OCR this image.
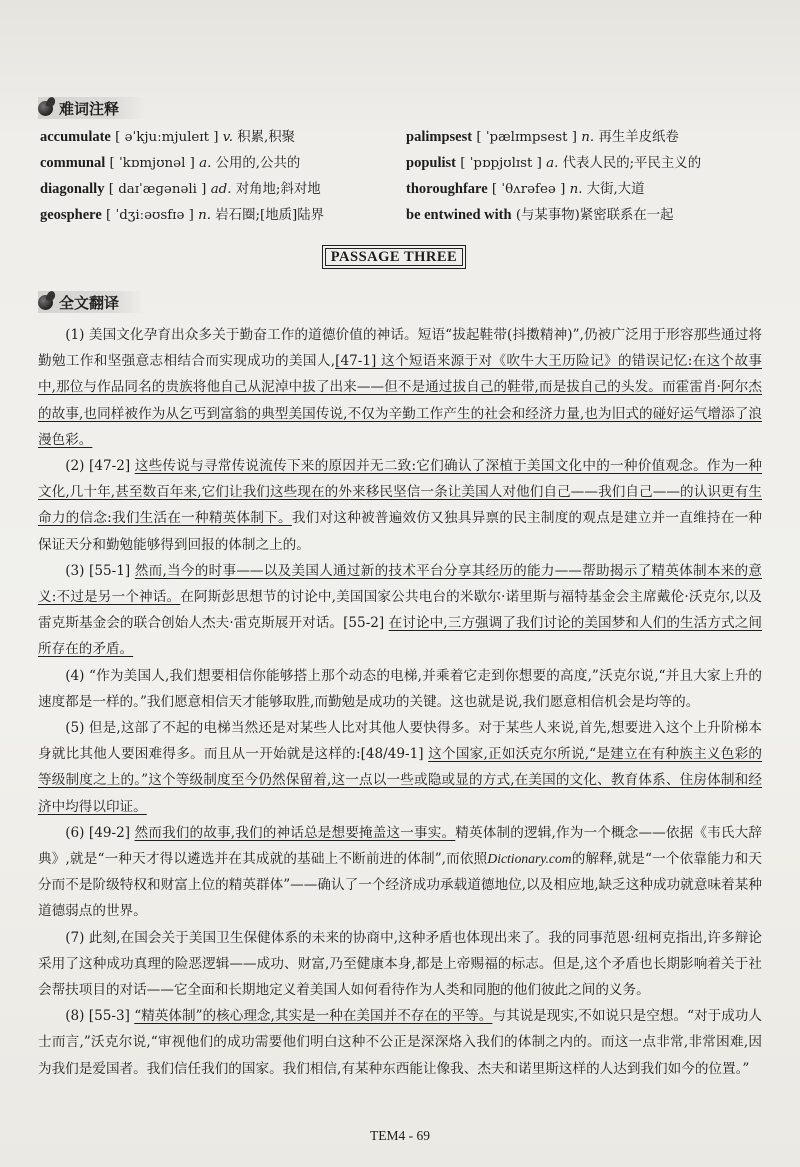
难词注释
accumulate [ əˈkjuːmjuleɪt ] v. 积累,积聚	palimpsest [ ˈpælɪmpsest ] n. 再生羊皮纸卷
communal [ ˈkɒmjʊnəl ] a. 公用的,公共的	populist [ ˈpɒpjʊlɪst ] a. 代表人民的;平民主义的
diagonally [ daɪˈæɡənəli ] ad. 对角地;斜对地	thoroughfare [ ˈθʌrəfeə ] n. 大街,大道
geosphere [ ˈdʒiːəʊsfɪə ] n. 岩石圈;[地质]陆界	be entwined with (与某事物)紧密联系在一起
PASSAGE THREE
全文翻译

(1) 美国文化孕育出众多关于勤奋工作的道德价值的神话。短语“拔起鞋带(抖擞精神)”,仍被广泛用于形容那些通过将勤勉工作和坚强意志相结合而实现成功的美国人,[47-1] 这个短语来源于对《吹牛大王历险记》的错误记忆:在这个故事中,那位与作品同名的贵族将他自己从泥淖中拔了出来——但不是通过拔自己的鞋带,而是拔自己的头发。而霍雷肖·阿尔杰的故事,也同样被作为从乞丐到富翁的典型美国传说,不仅为辛勤工作产生的社会和经济力量,也为旧式的碰好运气增添了浪漫色彩。

(2) [47-2] 这些传说与寻常传说流传下来的原因并无二致:它们确认了深植于美国文化中的一种价值观念。作为一种文化,几十年,甚至数百年来,它们让我们这些现在的外来移民坚信一条让美国人对他们自己——我们自己——的认识更有生命力的信念:我们生活在一种精英体制下。我们对这种被普遍效仿又独具异禀的民主制度的观点是建立并一直维持在一种保证天分和勤勉能够得到回报的体制之上的。

(3) [55-1] 然而,当今的时事——以及美国人通过新的技术平台分享其经历的能力——帮助揭示了精英体制本来的意义:不过是另一个神话。在阿斯彭思想节的讨论中,美国国家公共电台的米歇尔·诺里斯与福特基金会主席戴伦·沃克尔,以及雷克斯基金会的联合创始人杰夫·雷克斯展开对话。[55-2] 在讨论中,三方强调了我们讨论的美国梦和人们的生活方式之间所存在的矛盾。

(4) “作为美国人,我们想要相信你能够搭上那个动态的电梯,并乘着它走到你想要的高度,”沃克尔说,“并且大家上升的速度都是一样的。”我们愿意相信天才能够取胜,而勤勉是成功的关键。这也就是说,我们愿意相信机会是均等的。

(5) 但是,这部了不起的电梯当然还是对某些人比对其他人要快得多。对于某些人来说,首先,想要进入这个上升阶梯本身就比其他人要困难得多。而且从一开始就是这样的:[48/49-1] 这个国家,正如沃克尔所说,“是建立在有种族主义色彩的等级制度之上的。”这个等级制度至今仍然保留着,这一点以一些或隐或显的方式,在美国的文化、教育体系、住房体制和经济中均得以印证。

(6) [49-2] 然而我们的故事,我们的神话总是想要掩盖这一事实。精英体制的逻辑,作为一个概念——依据《韦氏大辞典》,就是“一种天才得以遴选并在其成就的基础上不断前进的体制”,而依照Dictionary.com的解释,就是“一个依靠能力和天分而不是阶级特权和财富上位的精英群体”——确认了一个经济成功承载道德地位,以及相应地,缺乏这种成功就意味着某种道德弱点的世界。

(7) 此刻,在国会关于美国卫生保健体系的未来的协商中,这种矛盾也体现出来了。我的同事范恩·纽柯克指出,许多辩论采用了这种成功真理的险恶逻辑——成功、财富,乃至健康本身,都是上帝赐福的标志。但是,这个矛盾也长期影响着关于社会帮扶项目的对话——它全面和长期地定义着美国人如何看待作为人类和同胞的他们彼此之间的义务。

(8) [55-3] “精英体制”的核心理念,其实是一种在美国并不存在的平等。与其说是现实,不如说只是空想。“对于成功人士而言,”沃克尔说,“审视他们的成功需要他们明白这种不公正是深深烙入我们的体制之内的。而这一点非常,非常困难,因为我们是爱国者。我们信任我们的国家。我们相信,有某种东西能让像我、杰夫和诺里斯这样的人达到我们如今的位置。”

TEM4 - 69
